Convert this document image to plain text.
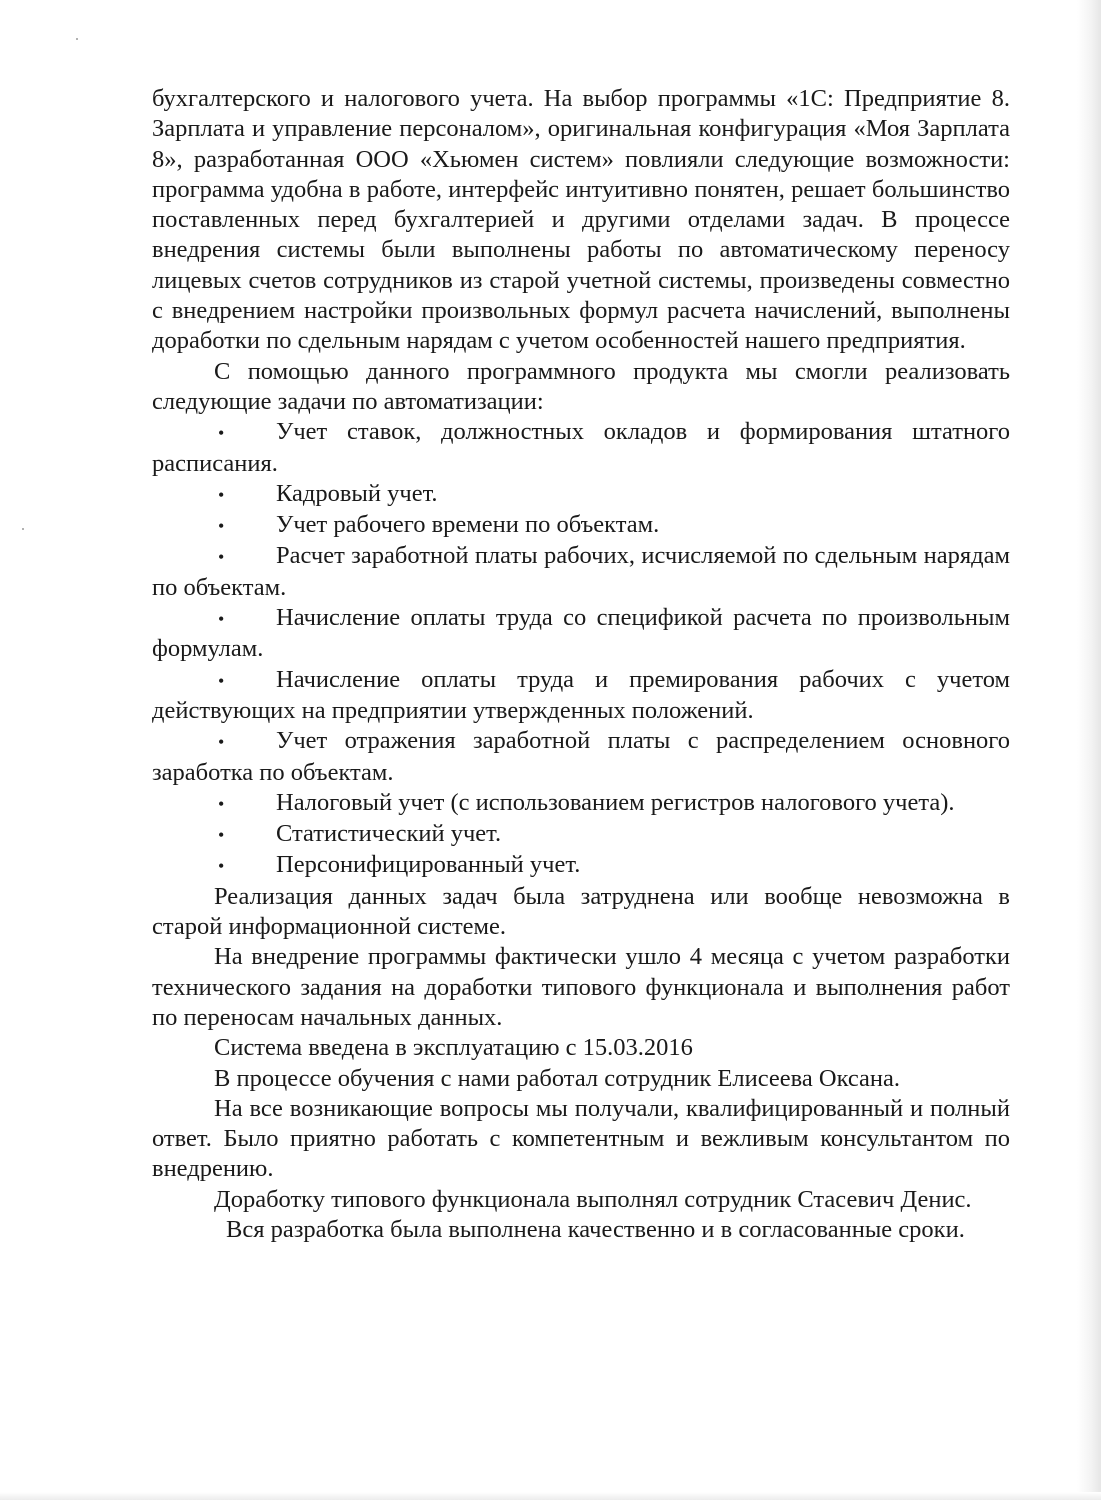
бухгалтерского и налогового учета. На выбор программы «1С: Предприятие 8. Зарплата и управление персоналом», оригинальная конфигурация «Моя Зарплата 8», разработанная ООО «Хьюмен систем» повлияли следующие возможности: программа удобна в работе, интерфейс интуитивно понятен, решает большинство поставленных перед бухгалтерией и другими отделами задач. В процессе внедрения системы были выполнены работы по автоматическому переносу лицевых счетов сотрудников из старой учетной системы, произведены совместно с внедрением настройки произвольных формул расчета начислений, выполнены доработки по сдельным нарядам с учетом особенностей нашего предприятия.

С помощью данного программного продукта мы смогли реализовать следующие задачи по автоматизации:

•Учет ставок, должностных окладов и формирования штатного расписания.

•Кадровый учет.

•Учет рабочего времени по объектам.

•Расчет заработной платы рабочих, исчисляемой по сдельным нарядам по объектам.

•Начисление оплаты труда со спецификой расчета по произвольным формулам.

•Начисление оплаты труда и премирования рабочих с учетом действующих на предприятии утвержденных положений.

•Учет отражения заработной платы с распределением основного заработка по объектам.

•Налоговый учет (с использованием регистров налогового учета).

•Статистический учет.

•Персонифицированный учет.

Реализация данных задач была затруднена или вообще невозможна в старой информационной системе.

На внедрение программы фактически ушло 4 месяца с учетом разработки технического задания на доработки типового функционала и выполнения работ по переносам начальных данных.

Система введена в эксплуатацию с 15.03.2016

В процессе обучения с нами работал сотрудник Елисеева Оксана.

На все возникающие вопросы мы получали, квалифицированный и полный ответ. Было приятно работать с компетентным и вежливым консультантом по внедрению.

Доработку типового функционала выполнял сотрудник Стасевич Денис.

Вся разработка была выполнена качественно и в согласованные сроки.
